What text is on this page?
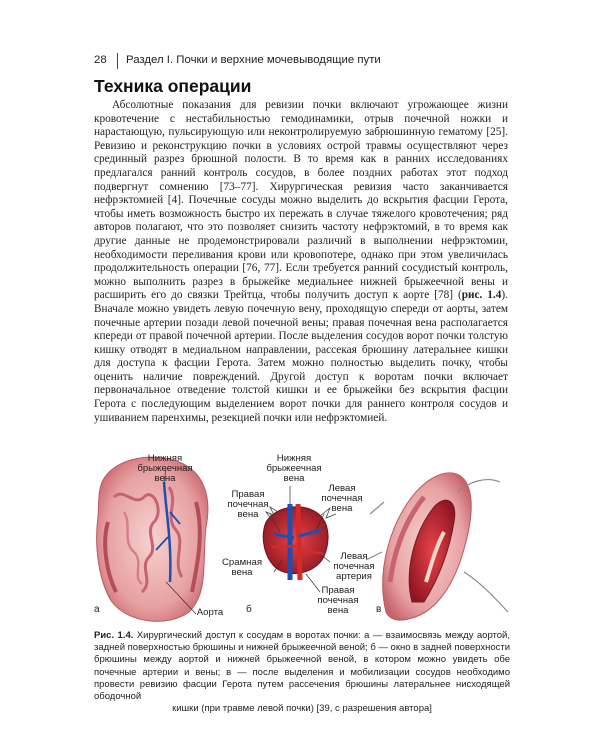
28 Раздел I. Почки и верхние мочевыводящие пути
Техника операции

Абсолютные показания для ревизии почки включают угрожающее жизни кровотечение с нестабильностью гемодинамики, отрыв почечной ножки и нарастающую, пульсирующую или неконтролируемую забрюшинную гематому [25]. Ревизию и реконструкцию почки в условиях острой травмы осуществляют через срединный разрез брюшной полости. В то время как в ранних исследованиях предлагался ранний контроль сосудов, в более поздних работах этот подход подвергнут сомнению [73–77]. Хирургическая ревизия часто заканчивается нефрэктомией [4]. Почечные сосуды можно выделить до вскрытия фасции Герота, чтобы иметь возможность быстро их пережать в случае тяжелого кровотечения; ряд авторов полагают, что это позволяет снизить частоту нефрэктомий, в то время как другие данные не продемонстрировали различий в выполнении нефрэктомии, необходимости переливания крови или кровопотере, однако при этом увеличилась продолжительность операции [76, 77]. Если требуется ранний сосудистый контроль, можно выполнить разрез в брыжейке медиальнее нижней брыжеечной вены и расширить его до связки Трейтца, чтобы получить доступ к аорте [78] (рис. 1.4). Вначале можно увидеть левую почечную вену, проходящую спереди от аорты, затем почечные артерии позади левой почечной вены; правая почечная вена располагается кпереди от правой почечной артерии. После выделения сосудов ворот почки толстую кишку отводят в медиальном направлении, рассекая брюшину латеральнее кишки для доступа к фасции Герота. Затем можно полностью выделить почку, чтобы оценить наличие повреждений. Другой доступ к воротам почки включает первоначальное отведение толстой кишки и ее брыжейки без вскрытия фасции Герота с последующим выделением ворот почки для раннего контроля сосудов и ушиванием паренхимы, резекцией почки или нефрэктомией.

Нижняя
брыжеечная
вена
Аорта
а
Нижняя
брыжеечная
вена
Правая
почечная
вена
Левая
почечная
вена
Срамная
вена
Левая
почечная
артерия
Правая
почечная
вена
б	в
Рис. 1.4. Хирургический доступ к сосудам в воротах почки: а — взаимосвязь между аортой, задней поверхностью брюшины и нижней брыжеечной веной; б — окно в задней поверхности брюшины между аортой и нижней брыжеечной веной, в котором можно увидеть обе почечные артерии и вены; в — после выделения и мобилизации сосудов необходимо провести ревизию фасции Герота путем рассечения брюшины латеральнее нисходящей ободочной
кишки (при травме левой почки) [39, с разрешения автора]
